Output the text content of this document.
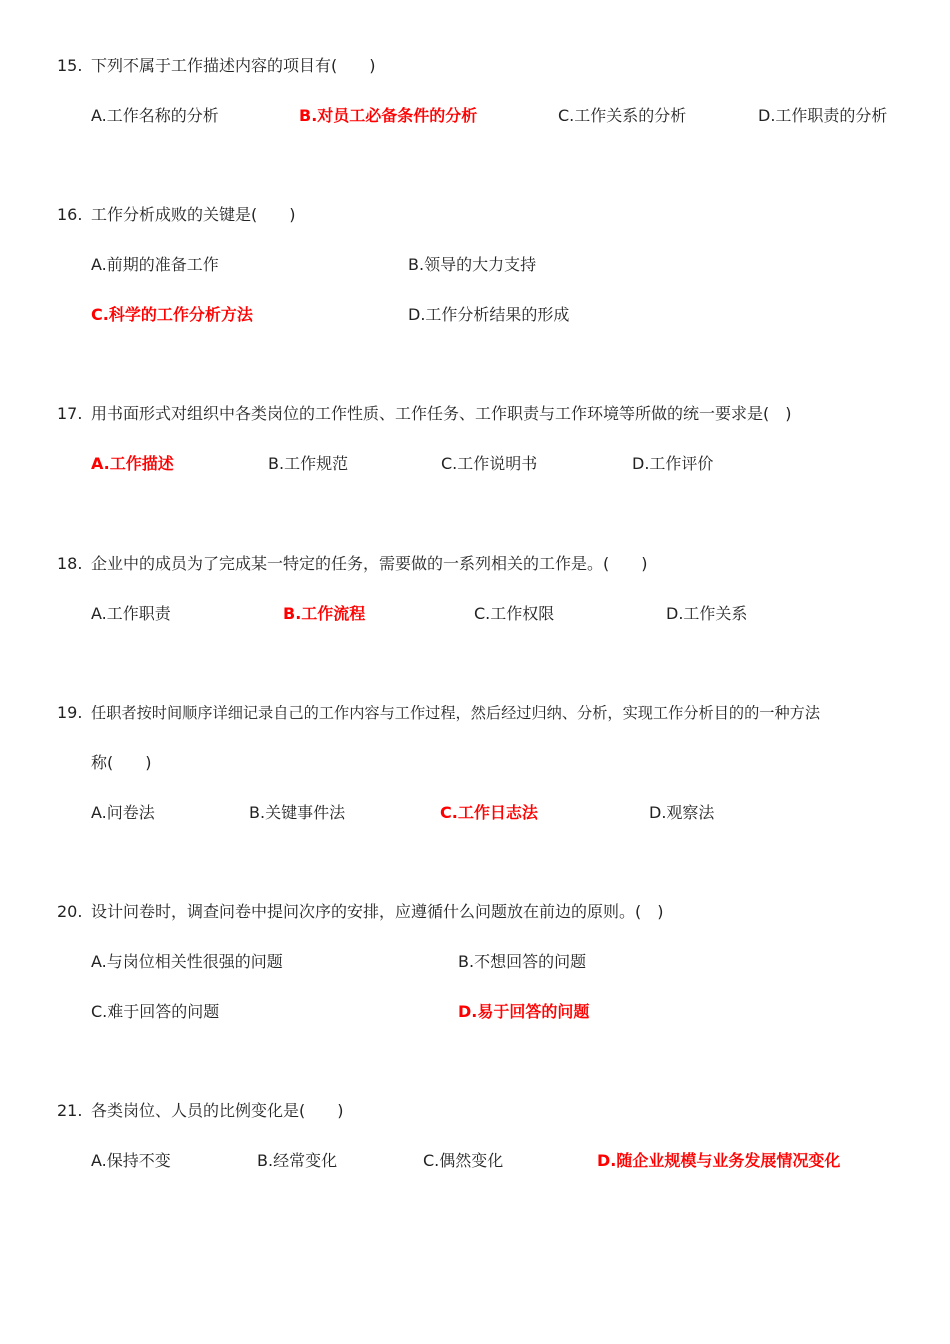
15. 下列不属于工作描述内容的项目有(　　)
A.工作名称的分析	B.对员工必备条件的分析	C.工作关系的分析	D.工作职责的分析
16. 工作分析成败的关键是(　　)
A.前期的准备工作	B.领导的大力支持
C.科学的工作分析方法	D.工作分析结果的形成
17. 用书面形式对组织中各类岗位的工作性质、工作任务、工作职责与工作环境等所做的统一要求是(　)
A.工作描述	B.工作规范	C.工作说明书	D.工作评价
18. 企业中的成员为了完成某一特定的任务，需要做的一系列相关的工作是。(　　)
A.工作职责	B.工作流程	C.工作权限	D.工作关系
19. 任职者按时间顺序详细记录自己的工作内容与工作过程，然后经过归纳、分析，实现工作分析目的的一种方法
称(　　)
A.问卷法	B.关键事件法	C.工作日志法	D.观察法
20. 设计问卷时，调查问卷中提问次序的安排，应遵循什么问题放在前边的原则。(　)
A.与岗位相关性很强的问题	B.不想回答的问题
C.难于回答的问题	D.易于回答的问题
21. 各类岗位、人员的比例变化是(　　)
A.保持不变	B.经常变化	C.偶然变化	D.随企业规模与业务发展情况变化
